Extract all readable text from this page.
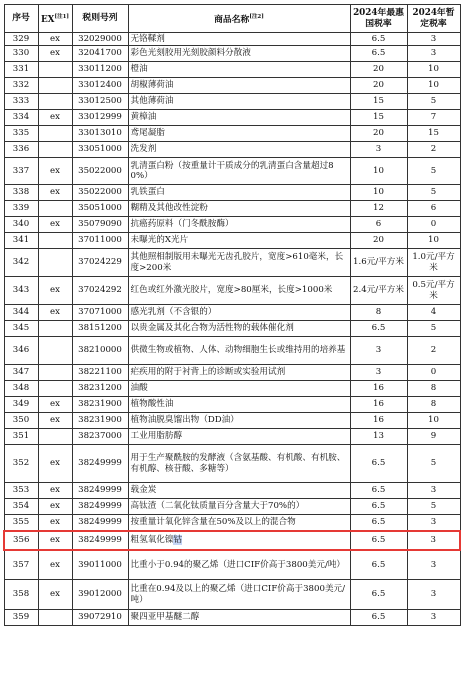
序号	EX[注1]	税则号列	商品名称[注2]	2024年最惠国税率	2024年暂定税率
329	ex	32029000	无铬鞣剂	6.5	3
330	ex	32041700	彩色光刻胶用光刻胶颜料分散液	6.5	3
331		33011200	橙油	20	10
332		33012400	胡椒薄荷油	20	10
333		33012500	其他薄荷油	15	5
334	ex	33012999	黄樟油	15	7
335		33013010	鸢尾凝脂	20	15
336		33051000	洗发剂	3	2
337	ex	35022000	乳清蛋白粉（按重量计干质成分的乳清蛋白含量超过80%）	10	5
338	ex	35022000	乳铁蛋白	10	5
339		35051000	糊精及其他改性淀粉	12	6
340	ex	35079090	抗癌药原料（门冬酰胺酶）	6	0
341		37011000	未曝光的X光片	20	10
342		37024229	其他照相制版用未曝光无齿孔胶片，宽度>610毫米，长度>200米	1.6元/平方米	1.0元/平方米
343	ex	37024292	红色或红外激光胶片，宽度>80厘米，长度>1000米	2.4元/平方米	0.5元/平方米
344	ex	37071000	感光乳剂（不含银的）	8	4
345		38151200	以贵金属及其化合物为活性物的载体催化剂	6.5	5
346		38210000	供微生物或植物、人体、动物细胞生长或维持用的培养基	3	2
347		38221100	疟疾用的附于衬背上的诊断或实验用试剂	3	0
348		38231200	油酸	16	8
349	ex	38231900	植物酸性油	16	8
350	ex	38231900	植物油脱臭馏出物（DD油）	16	10
351		38237000	工业用脂肪醇	13	9
352	ex	38249999	用于生产聚酰胺的发酵液（含氨基酸、有机酸、有机胺、有机醇、核苷酸、多糖等）	6.5	5
353	ex	38249999	载金炭	6.5	3
354	ex	38249999	高钛渣（二氧化钛质量百分含量大于70%的）	6.5	5
355	ex	38249999	按重量计氧化锌含量在50%及以上的混合物	6.5	3
356	ex	38249999	粗氢氧化镍钴	6.5	3
357	ex	39011000	比重小于0.94的聚乙烯（进口CIF价高于3800美元/吨）	6.5	3
358	ex	39012000	比重在0.94及以上的聚乙烯（进口CIF价高于3800美元/吨）	6.5	3
359		39072910	聚四亚甲基醚二醇	6.5	3
